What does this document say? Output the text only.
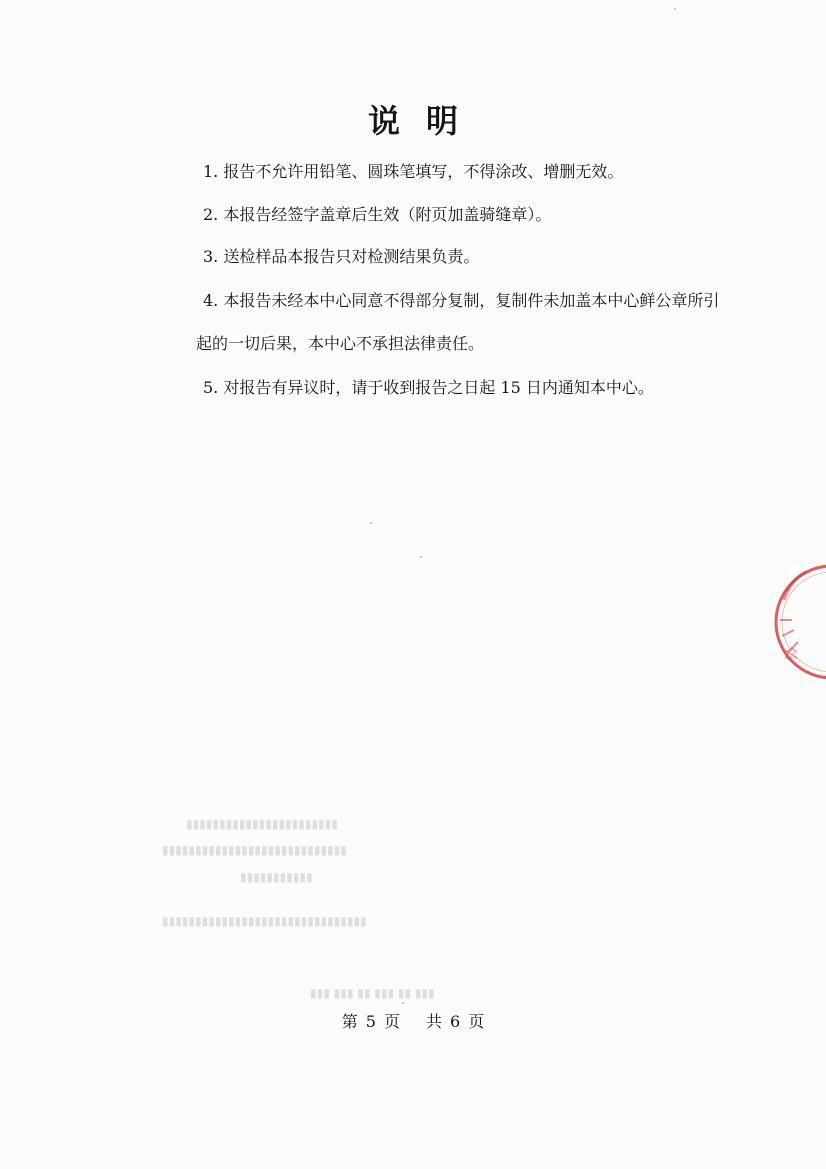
说明
1. 报告不允许用铅笔、圆珠笔填写，不得涂改、增删无效。
2. 本报告经签字盖章后生效（附页加盖骑缝章）。
3. 送检样品本报告只对检测结果负责。
4. 本报告未经本中心同意不得部分复制，复制件未加盖本中心鲜公章所引
起的一切后果，本中心不承担法律责任。
5. 对报告有异议时，请于收到报告之日起 15 日内通知本中心。
▮▮▮▮▮▮▮▮▮▮▮▮▮▮▮▮▮▮▮▮▮▮▮
▮▮▮▮▮▮▮▮▮▮▮▮▮▮▮▮▮▮▮▮▮▮▮▮▮▮▮▮
▮▮▮▮▮▮▮▮▮▮▮
▮▮▮▮▮▮▮▮▮▮▮▮▮▮▮▮▮▮▮▮▮▮▮▮▮▮▮▮▮▮▮
▮▮▮ ▮▮ ▮▮▮ ▮▮ ▮▮▮ ▮▮▮
中
第 5 页 共 6 页
